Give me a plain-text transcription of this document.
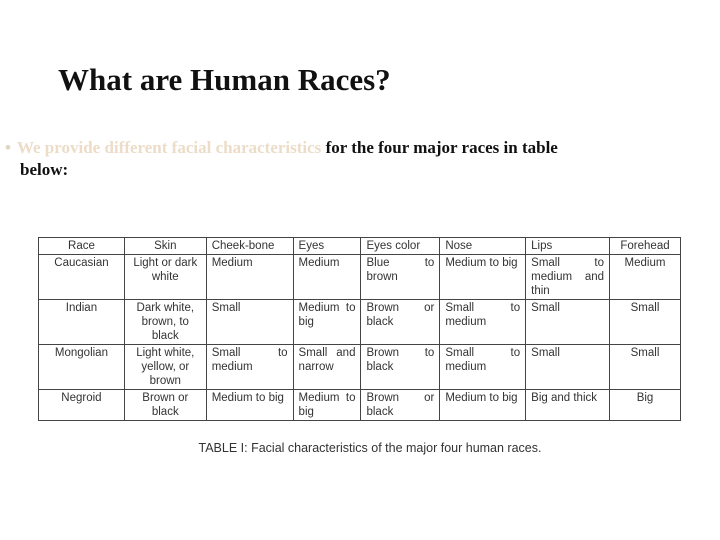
What are Human Races?
• We provide different facial characteristics for the four major races in table
below:
Race	Skin	Cheek-bone	Eyes	Eyes color	Nose	Lips	Forehead
Caucasian	Light or dark white	Medium	Medium	Blue to brown	Medium to big	Small to medium and thin	Medium
Indian	Dark white, brown, to black	Small	Medium to big	Brown or black	Small to medium	Small	Small
Mongolian	Light white, yellow, or brown	Small to medium	Small and narrow	Brown to black	Small to medium	Small	Small
Negroid	Brown or black	Medium to big	Medium to big	Brown or black	Medium to big	Big and thick	Big
TABLE I: Facial characteristics of the major four human races.
